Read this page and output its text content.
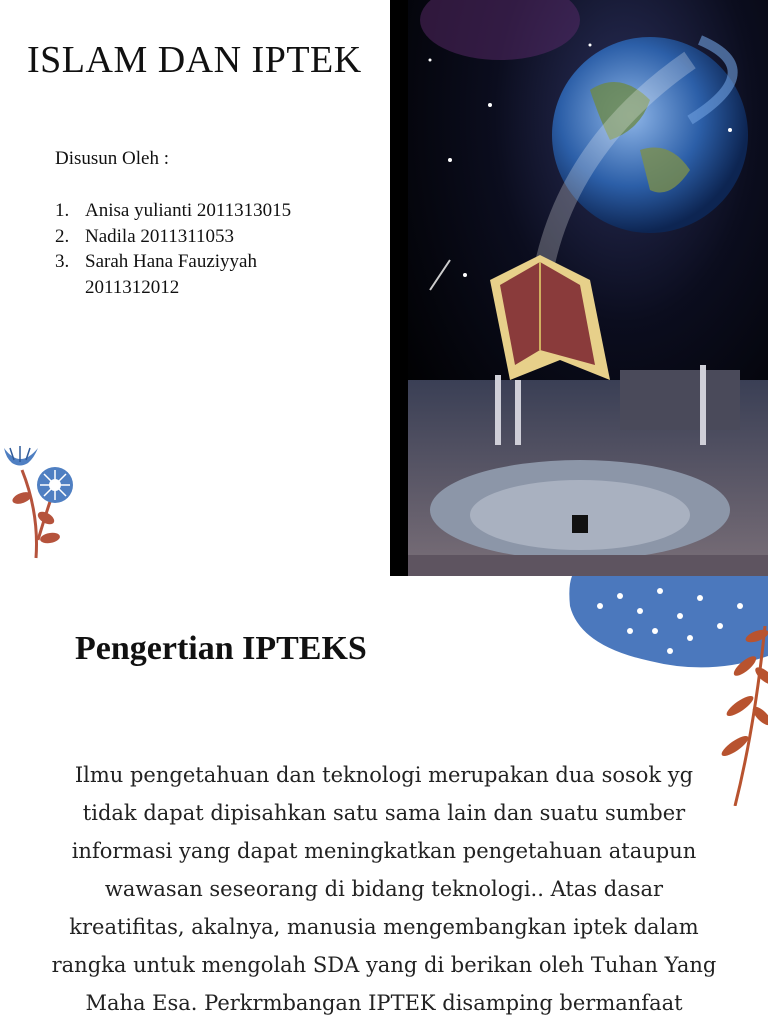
ISLAM DAN IPTEK
Disusun Oleh :
1. Anisa yulianti 2011313015
2. Nadila 2011311053
3. Sarah Hana Fauziyyah 2011312012
Pengertian IPTEKS
Ilmu pengetahuan dan teknologi merupakan dua sosok yg
tidak dapat dipisahkan satu sama lain dan suatu sumber
informasi yang dapat meningkatkan pengetahuan ataupun
wawasan seseorang di bidang teknologi.. Atas dasar
kreatifitas, akalnya, manusia mengembangkan iptek dalam
rangka untuk mengolah SDA yang di berikan oleh Tuhan Yang
Maha Esa. Perkrmbangan IPTEK disamping bermanfaat
